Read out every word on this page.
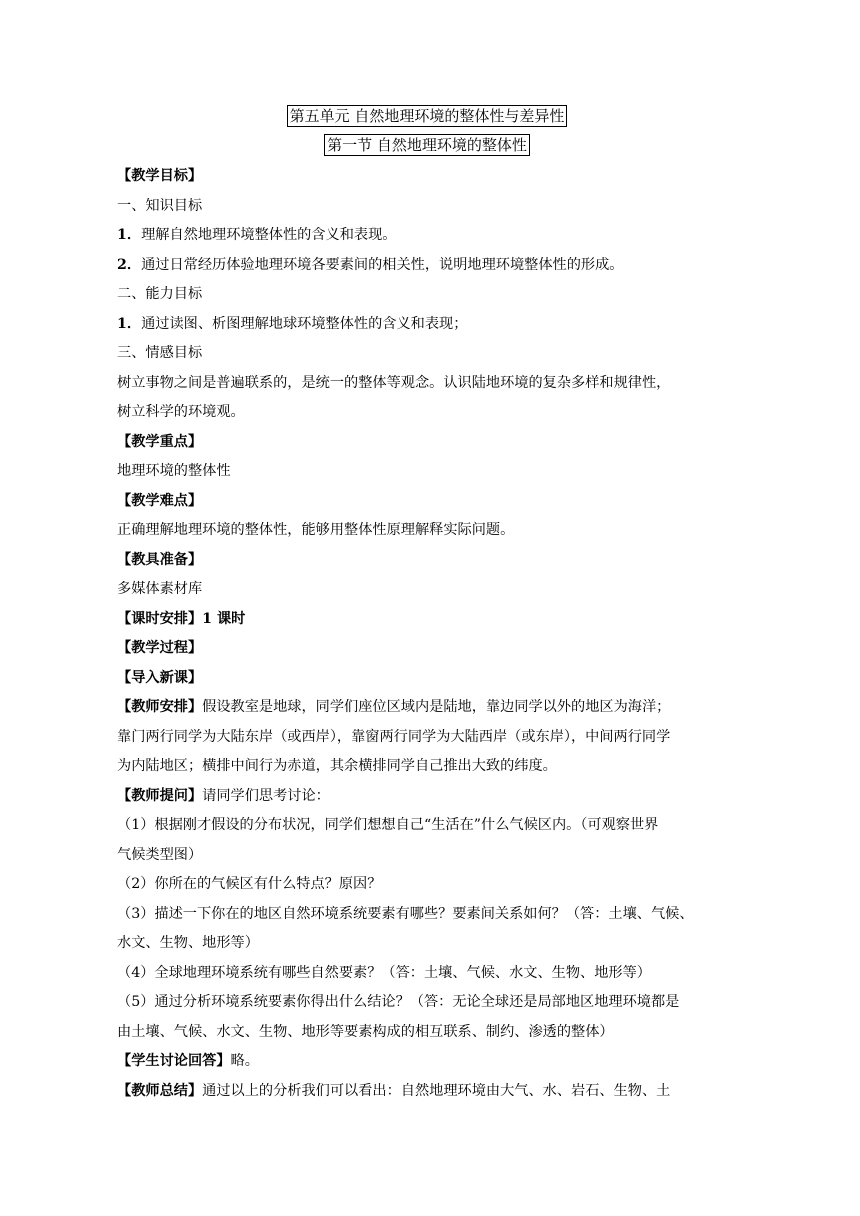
第五单元 自然地理环境的整体性与差异性
第一节 自然地理环境的整体性
【教学目标】
一、知识目标
1．理解自然地理环境整体性的含义和表现。
2．通过日常经历体验地理环境各要素间的相关性，说明地理环境整体性的形成。
二、能力目标
1．通过读图、析图理解地球环境整体性的含义和表现；
三、情感目标
树立事物之间是普遍联系的，是统一的整体等观念。认识陆地环境的复杂多样和规律性，
树立科学的环境观。
【教学重点】
地理环境的整体性
【教学难点】
正确理解地理环境的整体性，能够用整体性原理解释实际问题。
【教具准备】
多媒体素材库
【课时安排】1 课时
【教学过程】
【导入新课】
【教师安排】假设教室是地球，同学们座位区域内是陆地，靠边同学以外的地区为海洋；
靠门两行同学为大陆东岸（或西岸），靠窗两行同学为大陆西岸（或东岸），中间两行同学
为内陆地区；横排中间行为赤道，其余横排同学自己推出大致的纬度。
【教师提问】请同学们思考讨论：
（1）根据刚才假设的分布状况，同学们想想自己“生活在”什么气候区内。（可观察世界
气候类型图）
（2）你所在的气候区有什么特点？原因？
（3）描述一下你在的地区自然环境系统要素有哪些？要素间关系如何？（答：土壤、气候、
水文、生物、地形等）
（4）全球地理环境系统有哪些自然要素？（答：土壤、气候、水文、生物、地形等）
（5）通过分析环境系统要素你得出什么结论？（答：无论全球还是局部地区地理环境都是
由土壤、气候、水文、生物、地形等要素构成的相互联系、制约、渗透的整体）
【学生讨论回答】略。
【教师总结】通过以上的分析我们可以看出：自然地理环境由大气、水、岩石、生物、土
